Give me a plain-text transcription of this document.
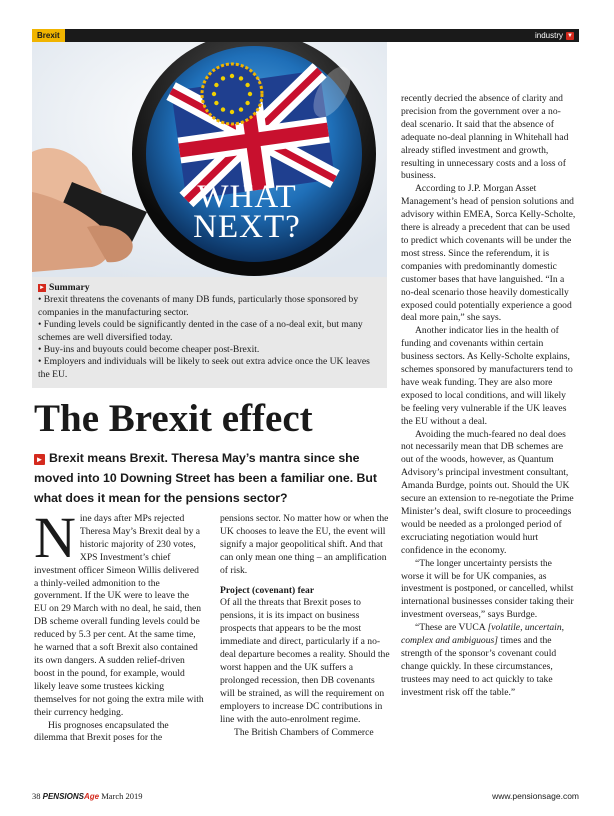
Brexit	industry ▼
WHAT
NEXT?
► Summary

• Brexit threatens the covenants of many DB funds, particularly those sponsored by companies in the manufacturing sector.

• Funding levels could be significantly dented in the case of a no-deal exit, but many schemes are well diversified today.

• Buy-ins and buyouts could become cheaper post-Brexit.

• Employers and individuals will be likely to seek out extra advice once the UK leaves the EU.

The Brexit effect

► Brexit means Brexit. Theresa May’s mantra since she moved into 10 Downing Street has been a familiar one. But what does it mean for the pensions sector?

Nine days after MPs rejected Theresa May’s Brexit deal by a historic majority of 230 votes, XPS Investment’s chief investment officer Simeon Willis delivered a thinly-veiled admonition to the government. If the UK were to leave the EU on 29 March with no deal, he said, then DB scheme overall funding levels could be reduced by 5.3 per cent. At the same time, he warned that a soft Brexit also contained its own dangers. A sudden relief-driven boost in the pound, for example, would likely leave some trustees kicking themselves for not going the extra mile with their currency hedging.

His prognoses encapsulated the dilemma that Brexit poses for the

pensions sector. No matter how or when the UK chooses to leave the EU, the event will signify a major geopolitical shift. And that can only mean one thing – an amplification of risk.

Project (covenant) fear

Of all the threats that Brexit poses to pensions, it is its impact on business prospects that appears to be the most immediate and direct, particularly if a no-deal departure becomes a reality. Should the worst happen and the UK suffers a prolonged recession, then DB covenants will be strained, as will the requirement on employers to increase DC contributions in line with the auto-enrolment regime.

The British Chambers of Commerce

recently decried the absence of clarity and precision from the government over a no-deal scenario. It said that the absence of adequate no-deal planning in Whitehall had already stifled investment and growth, resulting in unnecessary costs and a loss of business.

According to J.P. Morgan Asset Management’s head of pension solutions and advisory within EMEA, Sorca Kelly-Scholte, there is already a precedent that can be used to predict which covenants will be under the most stress. Since the referendum, it is companies with predominantly domestic customer bases that have languished. “In a no-deal scenario those heavily domestically exposed could potentially experience a good deal more pain,” she says.

Another indicator lies in the health of funding and covenants within certain business sectors. As Kelly-Scholte explains, schemes sponsored by manufacturers tend to have weak funding. They are also more exposed to local conditions, and will likely be feeling very vulnerable if the UK leaves the EU without a deal.

Avoiding the much-feared no deal does not necessarily mean that DB schemes are out of the woods, however, as Quantum Advisory’s principal investment consultant, Amanda Burdge, points out. Should the UK secure an extension to re-negotiate the Prime Minister’s deal, swift closure to proceedings would be needed as a prolonged period of excruciating negotiation would hurt confidence in the economy.

“The longer uncertainty persists the worse it will be for UK companies, as investment is postponed, or cancelled, whilst international businesses consider taking their investment overseas,” says Burdge.

“These are VUCA [volatile, uncertain, complex and ambiguous] times and the strength of the sponsor’s covenant could change quickly. In these circumstances, trustees may need to act quickly to take investment risk off the table.”

38 PENSIONSAge March 2019	www.pensionsage.com
